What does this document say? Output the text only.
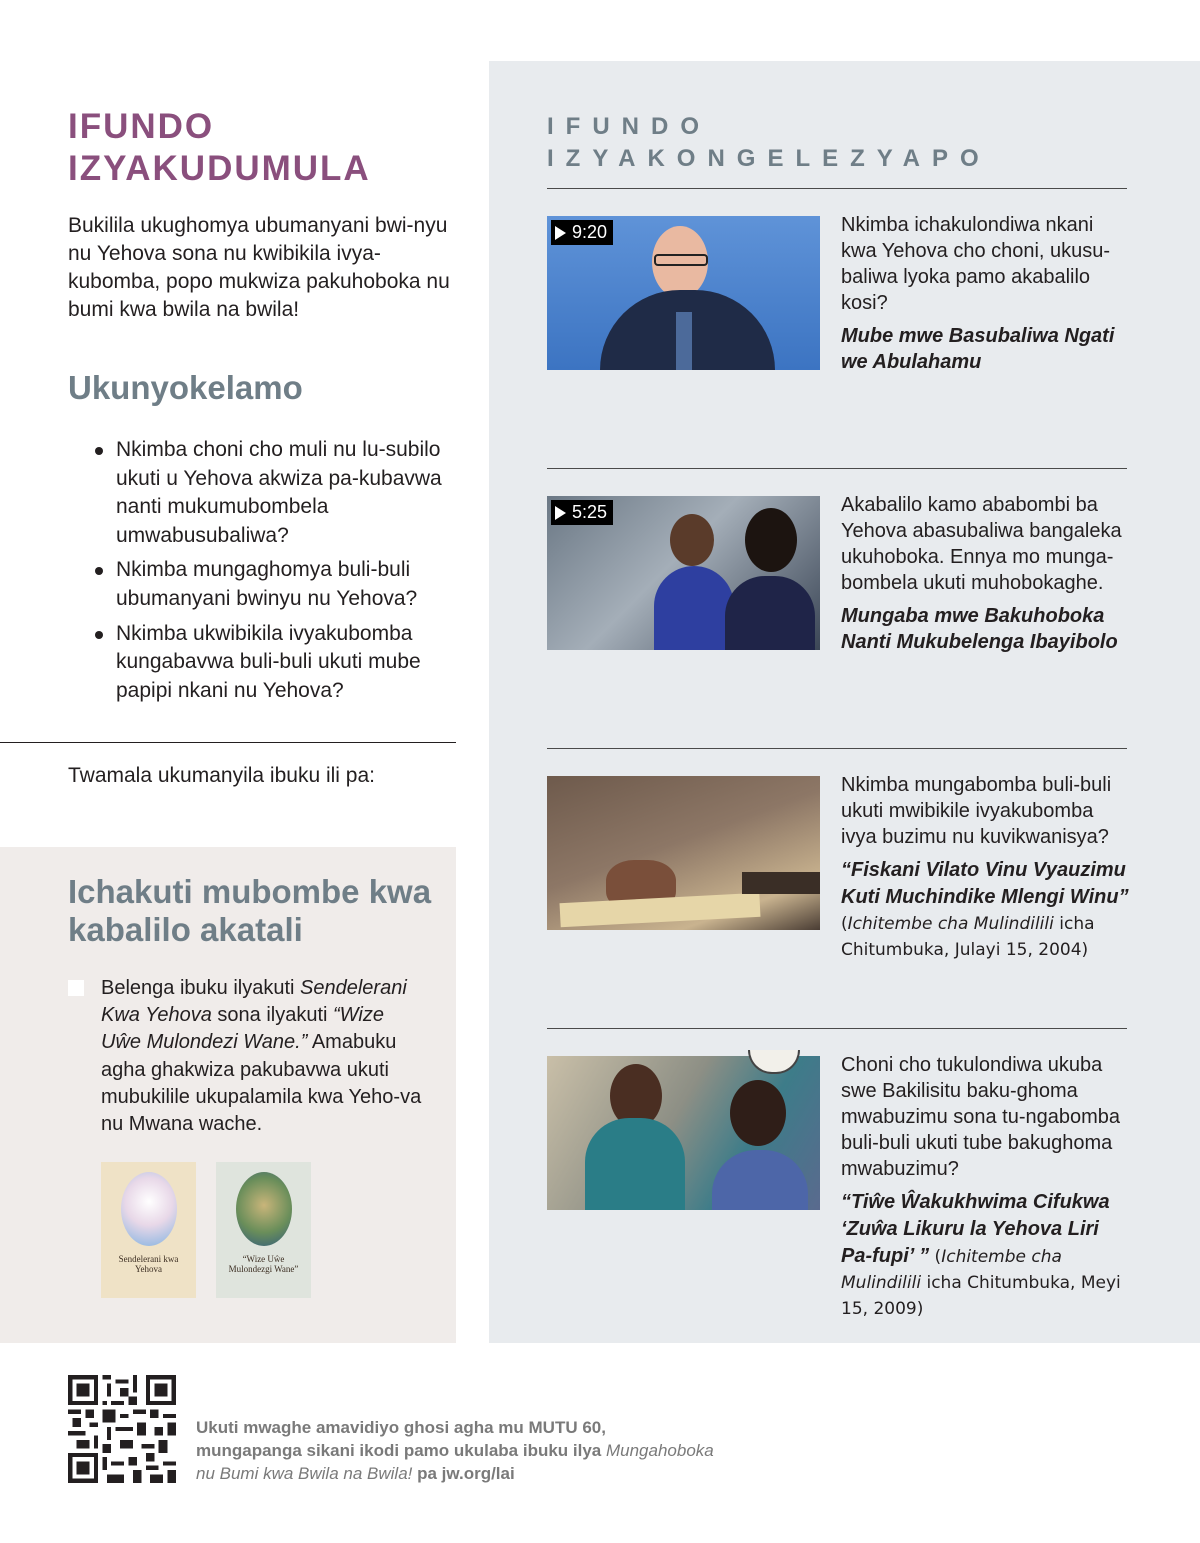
IFUNDO
IZYAKUDUMULA

Bukilila ukughomya ubumanyani bwi-nyu nu Yehova sona nu kwibikila ivya-kubomba, popo mukwiza pakuhoboka nu bumi kwa bwila na bwila!

Ukunyokelamo
Nkimba choni cho muli nu lu-subilo ukuti u Yehova akwiza pa-kubavwa nanti mukumubombela umwabusubaliwa?
Nkimba mungaghomya buli-buli ubumanyani bwinyu nu Yehova?
Nkimba ukwibikila ivyakubomba kungabavwa buli-buli ukuti mube papipi nkani nu Yehova?

Twamala ukumanyila ibuku ili pa:

Ichakuti mubombe kwa kabalilo akatali

Belenga ibuku ilyakuti Sendelerani Kwa Yehova sona ilyakuti “Wize Uŵe Mulondezi Wane.” Amabuku agha ghakwiza pakubavwa ukuti mubukilile ukupalamila kwa Yeho-va nu Mwana wache.

Sendelerani kwa Yehova
“Wize Uŵe Mulondezgi Wane”
IFUNDO
IZYAKONGELEZYAPO
9:20	Nkimba ichakulondiwa nkani kwa Yehova cho choni, ukusu-baliwa lyoka pamo akabalilo kosi?

Mube mwe Basubaliwa Ngati we Abulahamu

5:25	Akabalilo kamo ababombi ba Yehova abasubaliwa bangaleka ukuhoboka. Ennya mo munga-bombela ukuti muhobokaghe.

Mungaba mwe Bakuhoboka Nanti Mukubelenga Ibayibolo

Nkimba mungabomba buli-buli ukuti mwibikile ivyakubomba ivya buzimu nu kuvikwanisya?

“Fiskani Vilato Vinu Vyauzimu Kuti Muchindike Mlengi Winu” (Ichitembe cha Mulindilili icha Chitumbuka, Julayi 15, 2004)

Choni cho tukulondiwa ukuba swe Bakilisitu baku-ghoma mwabuzimu sona tu-ngabomba buli-buli ukuti tube bakughoma mwabuzimu?

“Tiŵe Ŵakukhwima Cifukwa ‘Zuŵa Likuru la Yehova Liri Pa-fupi’ ” (Ichitembe cha Mulindilili icha Chitumbuka, Meyi 15, 2009)

Ukuti mwaghe amavidiyo ghosi agha mu MUTU 60, mungapanga sikani ikodi pamo ukulaba ibuku ilya Mungahoboka nu Bumi kwa Bwila na Bwila! pa jw.org/lai
